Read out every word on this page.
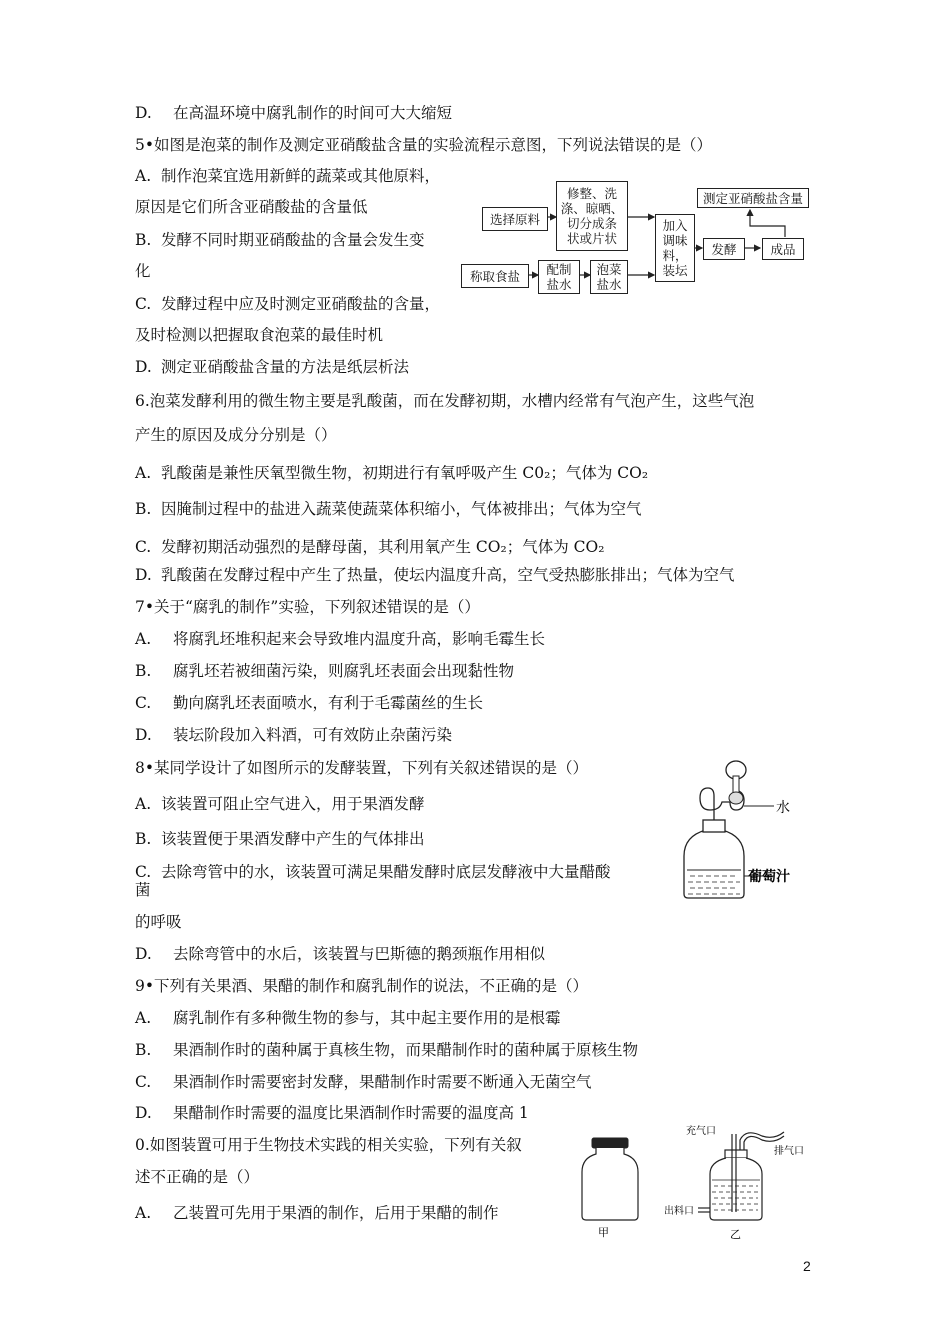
D. 在高温环境中腐乳制作的时间可大大缩短
5•如图是泡菜的制作及测定亚硝酸盐含量的实验流程示意图，下列说法错误的是（）
A. 制作泡菜宜选用新鲜的蔬菜或其他原料，
原因是它们所含亚硝酸盐的含量低
B. 发酵不同时期亚硝酸盐的含量会发生变
化
C. 发酵过程中应及时测定亚硝酸盐的含量，
及时检测以把握取食泡菜的最佳时机
D. 测定亚硝酸盐含量的方法是纸层析法
6.泡菜发酵利用的微生物主要是乳酸菌，而在发酵初期，水槽内经常有气泡产生，这些气泡
产生的原因及成分分别是（）
A. 乳酸菌是兼性厌氧型微生物，初期进行有氧呼吸产生 C0₂；气体为 CO₂
B. 因腌制过程中的盐进入蔬菜使蔬菜体积缩小，气体被排出；气体为空气
C. 发酵初期活动强烈的是酵母菌，其利用氧产生 CO₂；气体为 CO₂
D. 乳酸菌在发酵过程中产生了热量，使坛内温度升高，空气受热膨胀排出；气体为空气
7•关于“腐乳的制作”实验，下列叙述错误的是（）
A. 将腐乳坯堆积起来会导致堆内温度升高，影响毛霉生长
B. 腐乳坯若被细菌污染，则腐乳坯表面会出现黏性物
C. 勤向腐乳坯表面喷水，有利于毛霉菌丝的生长
D. 装坛阶段加入料酒，可有效防止杂菌污染
8•某同学设计了如图所示的发酵装置，下列有关叙述错误的是（）
A. 该装置可阻止空气进入，用于果酒发酵
B. 该装置便于果酒发酵中产生的气体排出
C. 去除弯管中的水，该装置可满足果醋发酵时底层发酵液中大量醋酸
菌
的呼吸
D. 去除弯管中的水后，该装置与巴斯德的鹅颈瓶作用相似
9•下列有关果酒、果醋的制作和腐乳制作的说法，不正确的是（）
A. 腐乳制作有多种微生物的参与，其中起主要作用的是根霉
B. 果酒制作时的菌种属于真核生物，而果醋制作时的菌种属于原核生物
C. 果酒制作时需要密封发酵，果醋制作时需要不断通入无菌空气
D. 果醋制作时需要的温度比果酒制作时需要的温度高 1
0.如图装置可用于生物技术实践的相关实验，下列有关叙
述不正确的是（）
A. 乙装置可先用于果酒的制作，后用于果醋的制作
选择原料
修整、洗
涤、晾晒、
切分成条
状或片状
称取食盐	配制
盐水
泡菜
盐水
加入
调味
料，
装坛
发酵	成品
测定亚硝酸盐含量
水
葡萄汁
甲
充气口
排气口
出料口
乙
2
